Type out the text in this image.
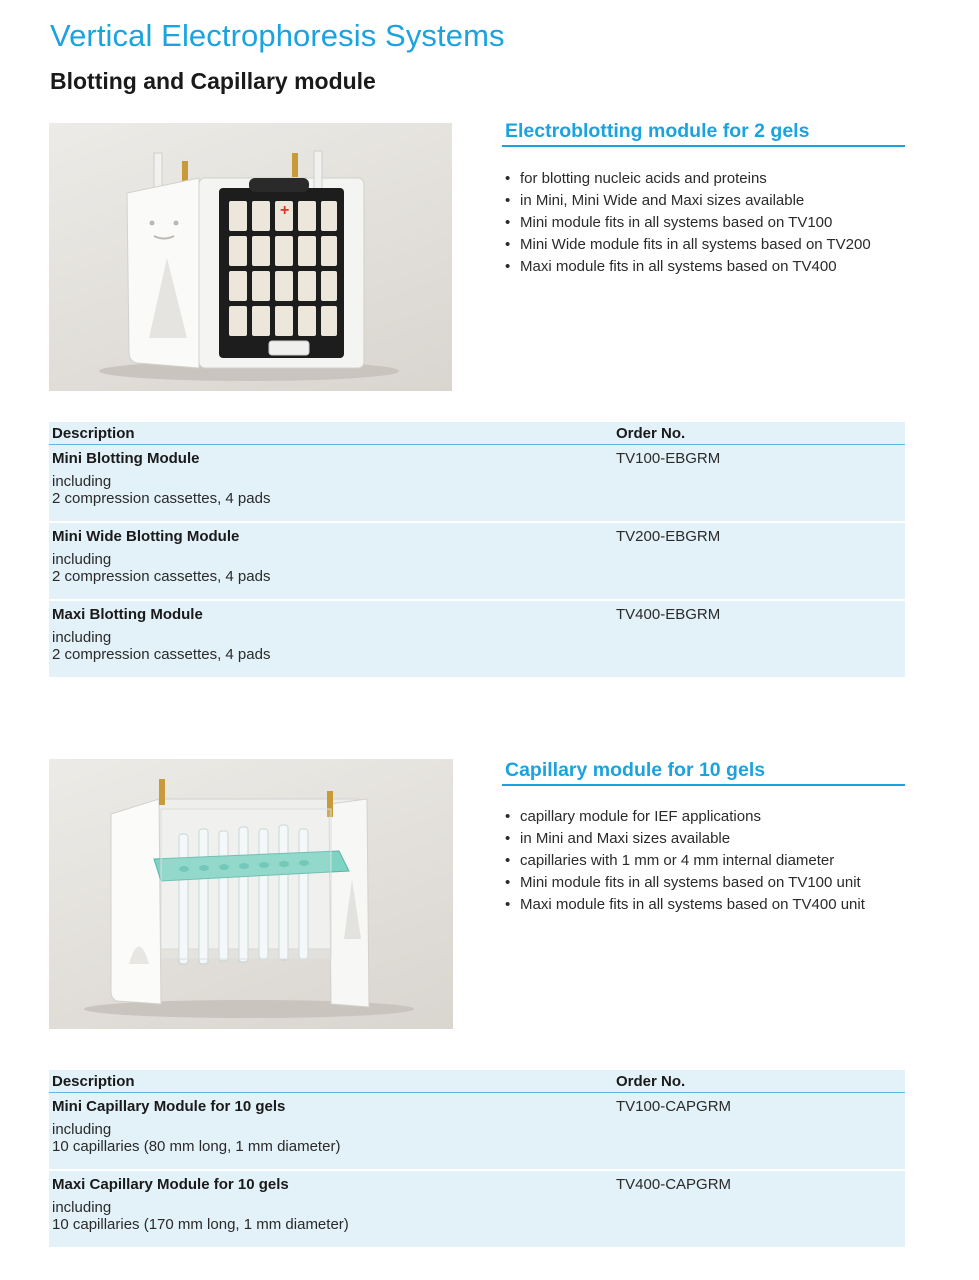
Vertical Electrophoresis Systems
Blotting and Capillary module
+
Electroblotting module for 2 gels
• for blotting nucleic acids and proteins
• in Mini, Mini Wide and Maxi sizes available
• Mini module fits in all systems based on TV100
• Mini Wide module fits in all systems based on TV200
• Maxi module fits in all systems based on TV400
Description	Order No.
Mini Blotting Module
including
2 compression cassettes, 4 pads
TV100-EBGRM
Mini Wide Blotting Module
including
2 compression cassettes, 4 pads
TV200-EBGRM
Maxi Blotting Module
including
2 compression cassettes, 4 pads
TV400-EBGRM
Capillary module for 10 gels
• capillary module for IEF applications
• in Mini and Maxi sizes available
• capillaries with 1 mm or 4 mm internal diameter
• Mini module fits in all systems based on TV100 unit
• Maxi module fits in all systems based on TV400 unit
Description	Order No.
Mini Capillary Module for 10 gels
including
10 capillaries (80 mm long, 1 mm diameter)
TV100-CAPGRM
Maxi Capillary Module for 10 gels
including
10 capillaries (170 mm long, 1 mm diameter)
TV400-CAPGRM
